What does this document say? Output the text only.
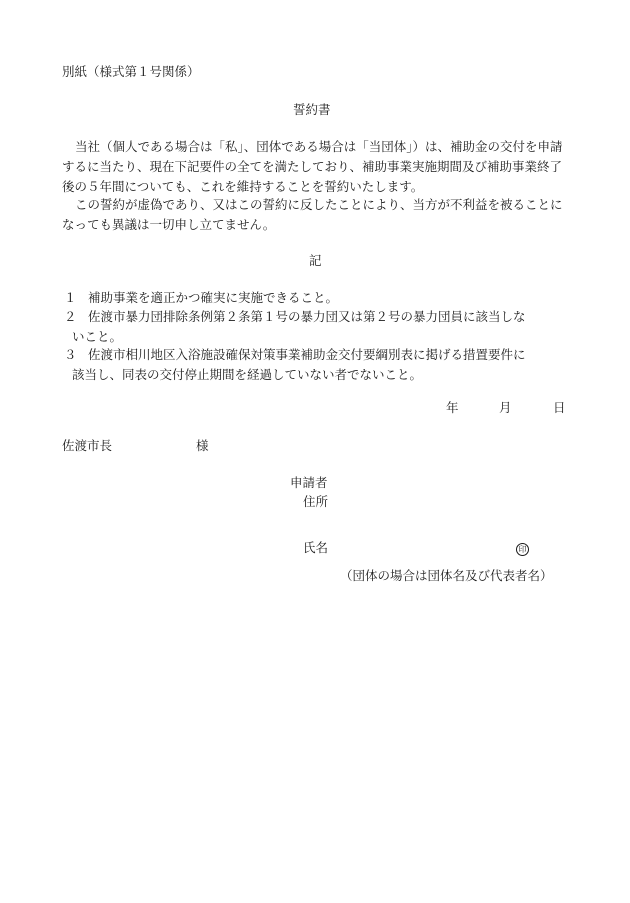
別紙（様式第１号関係）
誓約書

当社（個人である場合は「私」、団体である場合は「当団体」）は、補助金の交付を申請するに当たり、現在下記要件の全てを満たしており、補助事業実施期間及び補助事業終了後の５年間についても、これを維持することを誓約いたします。

この誓約が虚偽であり、又はこの誓約に反したことにより、当方が不利益を被ることになっても異議は一切申し立てません。

記
１ 補助事業を適正かつ確実に実施できること。
２ 佐渡市暴力団排除条例第２条第１号の暴力団又は第２号の暴力団員に該当しな
いこと。
３ 佐渡市相川地区入浴施設確保対策事業補助金交付要綱別表に掲げる措置要件に
該当し、同表の交付停止期間を経過していない者でないこと。
年	月	日
佐渡市長	様
申請者
住所
氏名	印
（団体の場合は団体名及び代表者名）
